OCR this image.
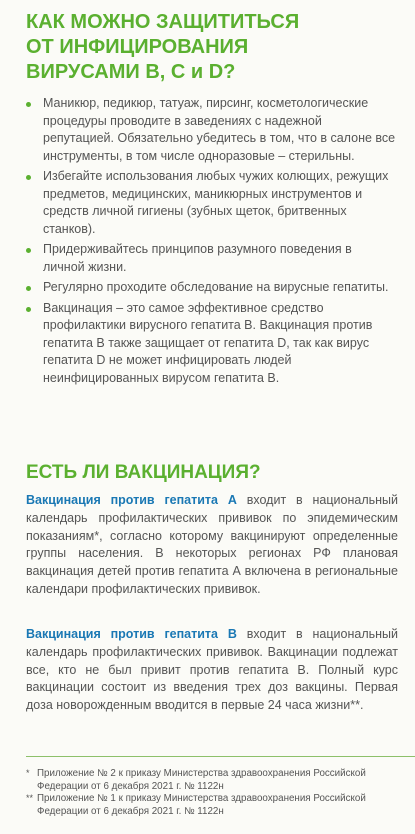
КАК МОЖНО ЗАЩИТИТЬСЯ
ОТ ИНФИЦИРОВАНИЯ
ВИРУСАМИ B, C и D?
Маникюр, педикюр, татуаж, пирсинг, косметологические процедуры проводите в заведениях с надежной репутацией. Обязательно убедитесь в том, что в салоне все инструменты, в том числе одноразовые – стерильны.
Избегайте использования любых чужих колющих, режущих предметов, медицинских, маникюрных инструментов и средств личной гигиены (зубных щеток, бритвенных станков).
Придерживайтесь принципов разумного поведения в личной жизни.
Регулярно проходите обследование на вирусные гепатиты.
Вакцинация – это самое эффективное средство профилактики вирусного гепатита В. Вакцинация против гепатита В также защищает от гепатита D, так как вирус гепатита D не может инфицировать людей неинфицированных вирусом гепатита В.
ЕСТЬ ЛИ ВАКЦИНАЦИЯ?

Вакцинация против гепатита А входит в национальный календарь профилактических прививок по эпидемическим показаниям*, согласно которому вакцинируют определенные группы населения. В некоторых регионах РФ плановая вакцинация детей против гепатита А включена в региональные календари профилактических прививок.

Вакцинация против гепатита В входит в национальный календарь профилактических прививок. Вакцинации подлежат все, кто не был привит против гепатита В. Полный курс вакцинации состоит из введения трех доз вакцины. Первая доза новорожденным вводится в первые 24 часа жизни**.

* Приложение № 2 к приказу Министерства здравоохранения Российской Федерации от 6 декабря 2021 г. № 1122н
** Приложение № 1 к приказу Министерства здравоохранения Российской Федерации от 6 декабря 2021 г. № 1122н
